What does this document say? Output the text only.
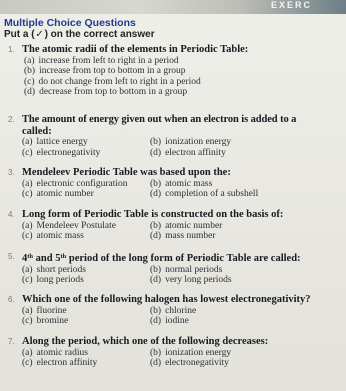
EXERC
Multiple Choice Questions
Put a (✓) on the correct answer
1. The atomic radii of the elements in Periodic Table:
(a) increase from left to right in a period
(b) increase from top to bottom in a group
(c) do not change from left to right in a period
(d) decrease from top to bottom in a group
2. The amount of energy given out when an electron is added to a
called:
(a) lattice energy	(b) ionization energy
(c) electronegativity	(d) electron affinity
3. Mendeleev Periodic Table was based upon the:
(a) electronic configuration	(b) atomic mass
(c) atomic number	(d) completion of a subshell
4. Long form of Periodic Table is constructed on the basis of:
(a) Mendeleev Postulate	(b) atomic number
(c) atomic mass	(d) mass number
5. 4th and 5th period of the long form of Periodic Table are called:
(a) short periods	(b) normal periods
(c) long periods	(d) very long periods
6. Which one of the following halogen has lowest electronegativity?
(a) fluorine	(b) chlorine
(c) bromine	(d) iodine
7. Along the period, which one of the following decreases:
(a) atomic radius	(b) ionization energy
(c) electron affinity	(d) electronegativity
